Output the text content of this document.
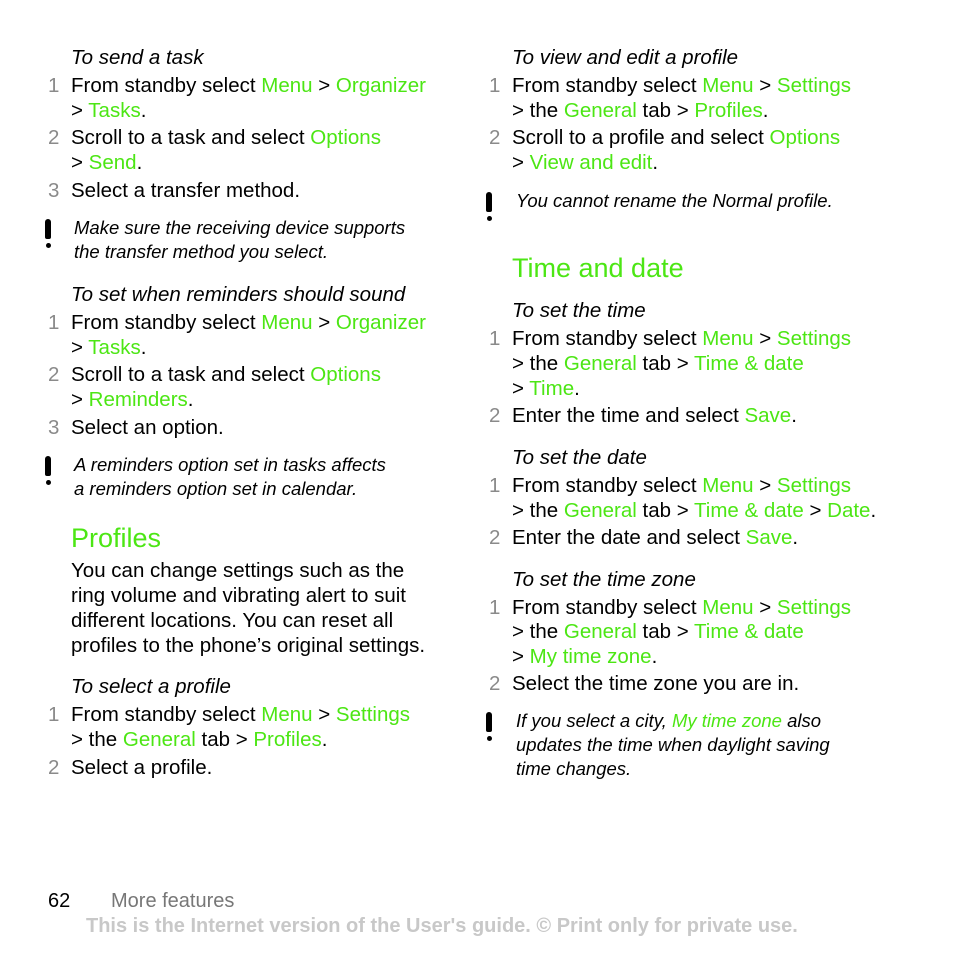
To send a task
1 From standby select Menu > Organizer
> Tasks.
2 Scroll to a task and select Options
> Send.
3 Select a transfer method.
Make sure the receiving device supports
the transfer method you select.
To set when reminders should sound
1 From standby select Menu > Organizer
> Tasks.
2 Scroll to a task and select Options
> Reminders.
3 Select an option.
A reminders option set in tasks affects
a reminders option set in calendar.
Profiles
You can change settings such as the
ring volume and vibrating alert to suit
different locations. You can reset all
profiles to the phone’s original settings.
To select a profile
1 From standby select Menu > Settings
> the General tab > Profiles.
2 Select a profile.
To view and edit a profile
1 From standby select Menu > Settings
> the General tab > Profiles.
2 Scroll to a profile and select Options
> View and edit.
You cannot rename the Normal profile.
Time and date
To set the time
1 From standby select Menu > Settings
> the General tab > Time & date
> Time.
2 Enter the time and select Save.
To set the date
1 From standby select Menu > Settings
> the General tab > Time & date > Date.
2 Enter the date and select Save.
To set the time zone
1 From standby select Menu > Settings
> the General tab > Time & date
> My time zone.
2 Select the time zone you are in.
If you select a city, My time zone also
updates the time when daylight saving
time changes.
62 More features
This is the Internet version of the User's guide. © Print only for private use.
